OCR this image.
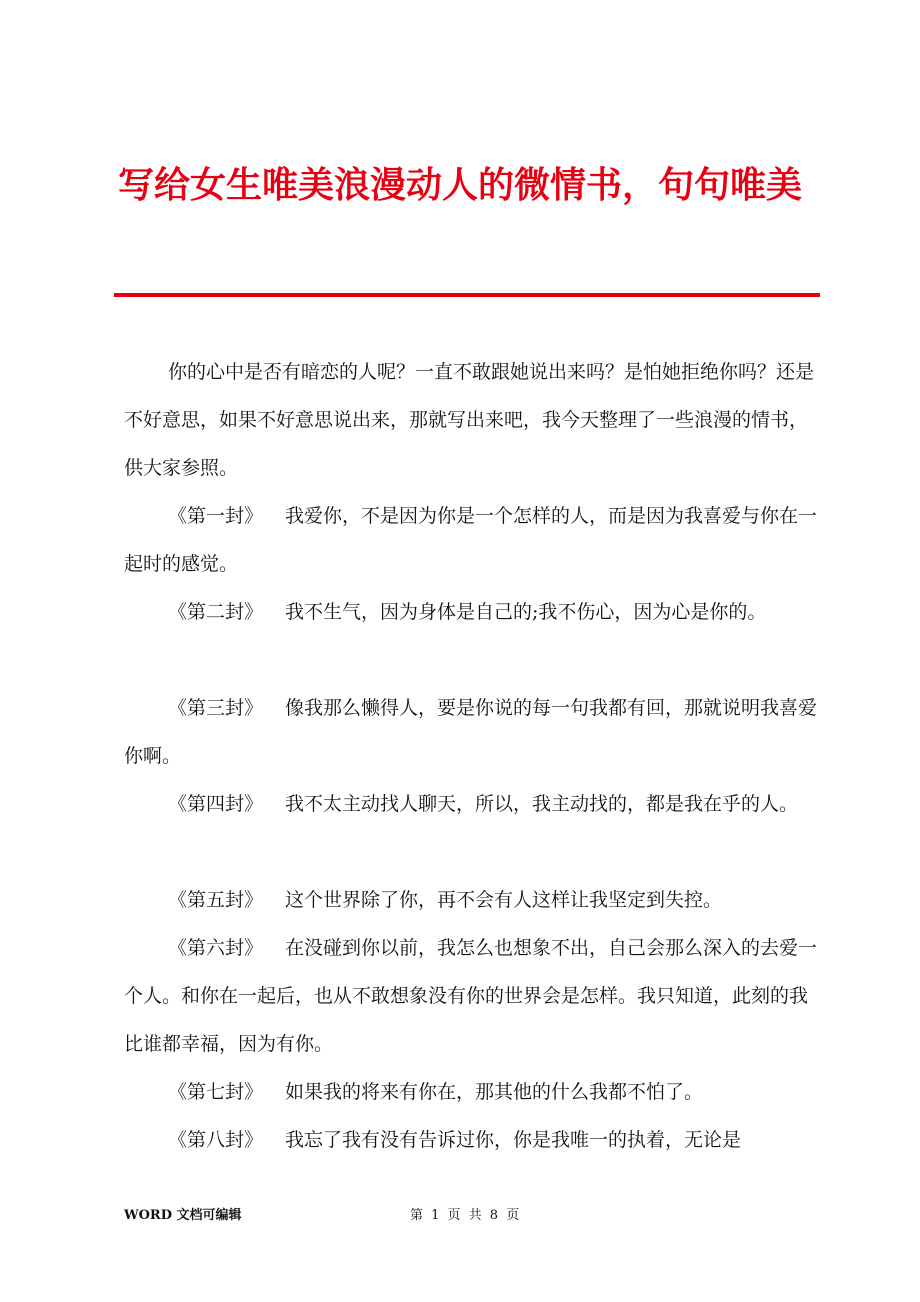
写给女生唯美浪漫动人的微情书，句句唯美

你的心中是否有暗恋的人呢？一直不敢跟她说出来吗？是怕她拒绝你吗？还是不好意思，如果不好意思说出来，那就写出来吧，我今天整理了一些浪漫的情书，供大家参照。

《第一封》 我爱你，不是因为你是一个怎样的人，而是因为我喜爱与你在一起时的感觉。

《第二封》 我不生气，因为身体是自己的;我不伤心，因为心是你的。

《第三封》 像我那么懒得人，要是你说的每一句我都有回，那就说明我喜爱你啊。

《第四封》 我不太主动找人聊天，所以，我主动找的，都是我在乎的人。

《第五封》 这个世界除了你，再不会有人这样让我坚定到失控。

《第六封》 在没碰到你以前，我怎么也想象不出，自己会那么深入的去爱一个人。和你在一起后，也从不敢想象没有你的世界会是怎样。我只知道，此刻的我比谁都幸福，因为有你。

《第七封》 如果我的将来有你在，那其他的什么我都不怕了。

《第八封》 我忘了我有没有告诉过你，你是我唯一的执着，无论是

WORD 文档可编辑	第 1 页 共 8 页
